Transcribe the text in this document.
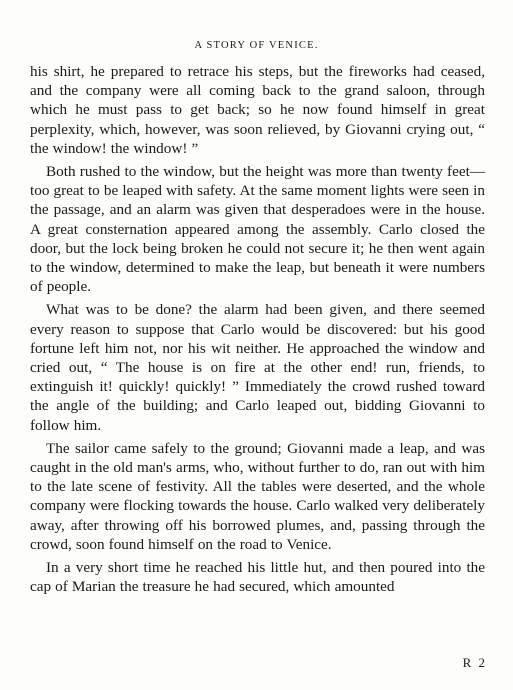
A STORY OF VENICE.

his shirt, he prepared to retrace his steps, but the fireworks had ceased, and the company were all coming back to the grand saloon, through which he must pass to get back; so he now found himself in great perplexity, which, however, was soon relieved, by Giovanni crying out, “ the window! the window! ”

Both rushed to the window, but the height was more than twenty feet—too great to be leaped with safety. At the same moment lights were seen in the passage, and an alarm was given that desperadoes were in the house. A great consternation appeared among the assembly. Carlo closed the door, but the lock being broken he could not secure it; he then went again to the window, determined to make the leap, but beneath it were numbers of people.

What was to be done? the alarm had been given, and there seemed every reason to suppose that Carlo would be discovered: but his good fortune left him not, nor his wit neither. He approached the window and cried out, “ The house is on fire at the other end! run, friends, to extinguish it! quickly! quickly! ” Immediately the crowd rushed toward the angle of the building; and Carlo leaped out, bidding Giovanni to follow him.

The sailor came safely to the ground; Giovanni made a leap, and was caught in the old man's arms, who, without further to do, ran out with him to the late scene of festivity. All the tables were deserted, and the whole company were flocking towards the house. Carlo walked very deliberately away, after throwing off his borrowed plumes, and, passing through the crowd, soon found himself on the road to Venice.

In a very short time he reached his little hut, and then poured into the cap of Marian the treasure he had secured, which amounted

R 2
